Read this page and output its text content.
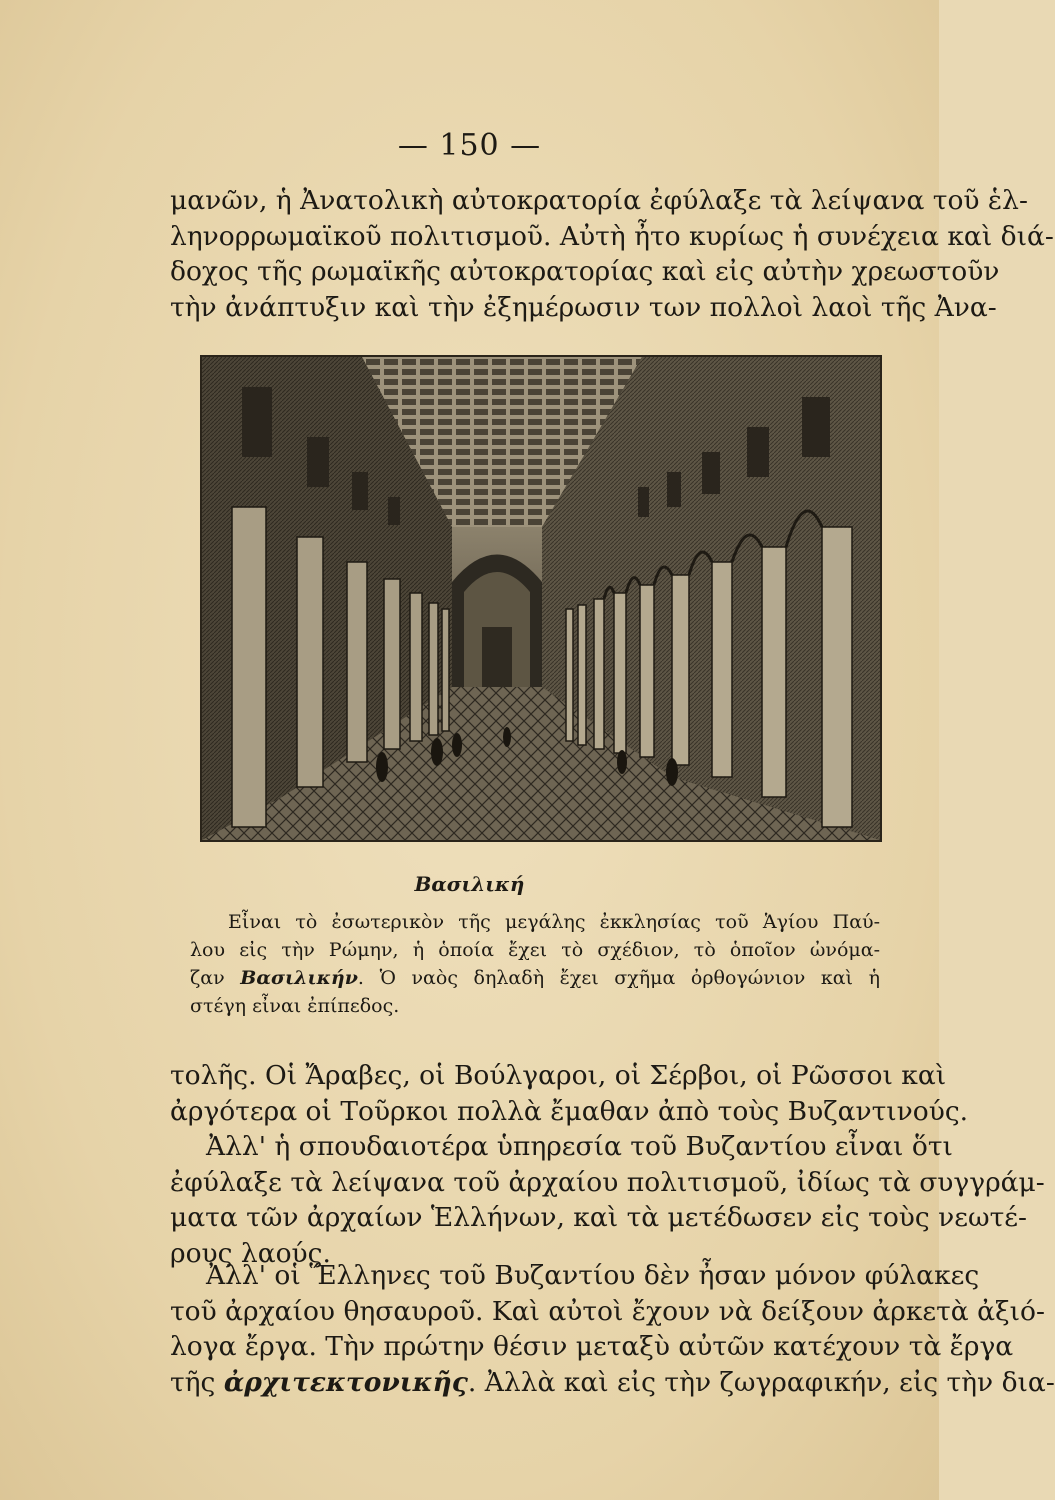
— 150 —

μανῶν, ἡ Ἀνατολικὴ αὐτοκρατορία ἐφύλαξε τὰ λείψανα τοῦ ἑλ-
ληνορρωμαϊκοῦ πολιτισμοῦ. Αὐτὴ ἦτο κυρίως ἡ συνέχεια καὶ διά-
δοχος τῆς ρωμαϊκῆς αὐτοκρατορίας καὶ εἰς αὐτὴν χρεωστοῦν
τὴν ἀνάπτυξιν καὶ τὴν ἐξημέρωσιν των πολλοὶ λαοὶ τῆς Ἀνα-

Βασιλική

Εἶναι τὸ ἐσωτερικὸν τῆς μεγάλης ἐκκλησίας τοῦ Ἁγίου Παύ-
λου εἰς τὴν Ρώμην, ἡ ὁποία ἔχει τὸ σχέδιον, τὸ ὁποῖον ὠνόμα-
ζαν Βασιλικήν. Ὁ ναὸς δηλαδὴ ἔχει σχῆμα ὀρθογώνιον καὶ ἡ
στέγη εἶναι ἐπίπεδος.

τολῆς. Οἱ Ἄραβες, οἱ Βούλγαροι, οἱ Σέρβοι, οἱ Ρῶσσοι καὶ
ἀργότερα οἱ Τοῦρκοι πολλὰ ἔμαθαν ἀπὸ τοὺς Βυζαντινούς.
Ἀλλ' ἡ σπουδαιοτέρα ὑπηρεσία τοῦ Βυζαντίου εἶναι ὅτι
ἐφύλαξε τὰ λείψανα τοῦ ἀρχαίου πολιτισμοῦ, ἰδίως τὰ συγγράμ-
ματα τῶν ἀρχαίων Ἑλλήνων, καὶ τὰ μετέδωσεν εἰς τοὺς νεωτέ-
ρους λαούς.

Ἀλλ' οἱ Ἕλληνες τοῦ Βυζαντίου δὲν ἦσαν μόνον φύλακες
τοῦ ἀρχαίου θησαυροῦ. Καὶ αὐτοὶ ἔχουν νὰ δείξουν ἀρκετὰ ἀξιό-
λογα ἔργα. Τὴν πρώτην θέσιν μεταξὺ αὐτῶν κατέχουν τὰ ἔργα
τῆς ἀρχιτεκτονικῆς. Ἀλλὰ καὶ εἰς τὴν ζωγραφικήν, εἰς τὴν δια-
